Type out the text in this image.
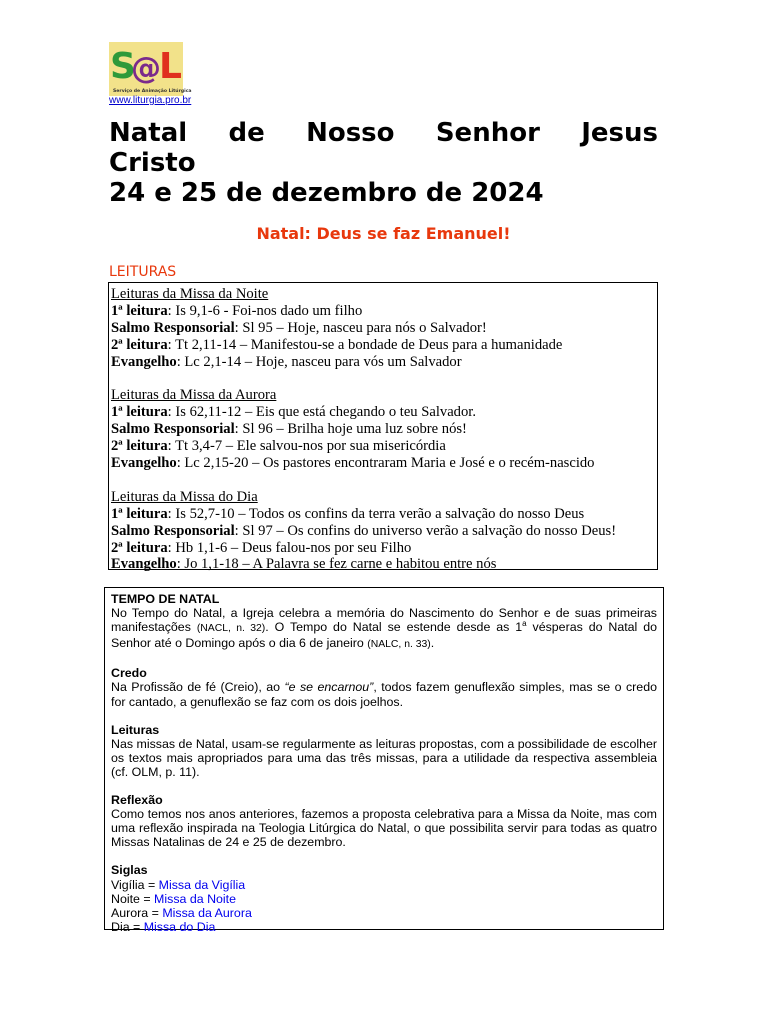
S
@
L
Serviço de Animação Litúrgica
www.liturgia.pro.br
Natal de Nosso Senhor Jesus
Cristo
24 e 25 de dezembro de 2024
Natal: Deus se faz Emanuel!
LEITURAS
Leituras da Missa da Noite
1ª leitura: Is 9,1-6 - Foi-nos dado um filho
Salmo Responsorial: Sl 95 – Hoje, nasceu para nós o Salvador!
2ª leitura: Tt 2,11-14 – Manifestou-se a bondade de Deus para a humanidade
Evangelho: Lc 2,1-14 – Hoje, nasceu para vós um Salvador
Leituras da Missa da Aurora
1ª leitura: Is 62,11-12 – Eis que está chegando o teu Salvador.
Salmo Responsorial: Sl 96 – Brilha hoje uma luz sobre nós!
2ª leitura: Tt 3,4-7 – Ele salvou-nos por sua misericórdia
Evangelho: Lc 2,15-20 – Os pastores encontraram Maria e José e o recém-nascido
Leituras da Missa do Dia
1ª leitura: Is 52,7-10 – Todos os confins da terra verão a salvação do nosso Deus
Salmo Responsorial: Sl 97 – Os confins do universo verão a salvação do nosso Deus!
2ª leitura: Hb 1,1-6 – Deus falou-nos por seu Filho
Evangelho: Jo 1,1-18 – A Palavra se fez carne e habitou entre nós
TEMPO DE NATAL
No Tempo do Natal, a Igreja celebra a memória do Nascimento do Senhor e de suas primeiras manifestações (NACL, n. 32). O Tempo do Natal se estende desde as 1$^a$ vésperas do Natal do Senhor até o Domingo após o dia 6 de janeiro (NALC, n. 33).
Credo
Na Profissão de fé (Creio), ao “e se encarnou”, todos fazem genuflexão simples, mas se o credo for cantado, a genuflexão se faz com os dois joelhos.
Leituras
Nas missas de Natal, usam-se regularmente as leituras propostas, com a possibilidade de escolher os textos mais apropriados para uma das três missas, para a utilidade da respectiva assembleia (cf. OLM, p. 11).
Reflexão
Como temos nos anos anteriores, fazemos a proposta celebrativa para a Missa da Noite, mas com uma reflexão inspirada na Teologia Litúrgica do Natal, o que possibilita servir para todas as quatro Missas Natalinas de 24 e 25 de dezembro.
Siglas
Vigília = Missa da Vigília
Noite = Missa da Noite
Aurora = Missa da Aurora
Dia = Missa do Dia
